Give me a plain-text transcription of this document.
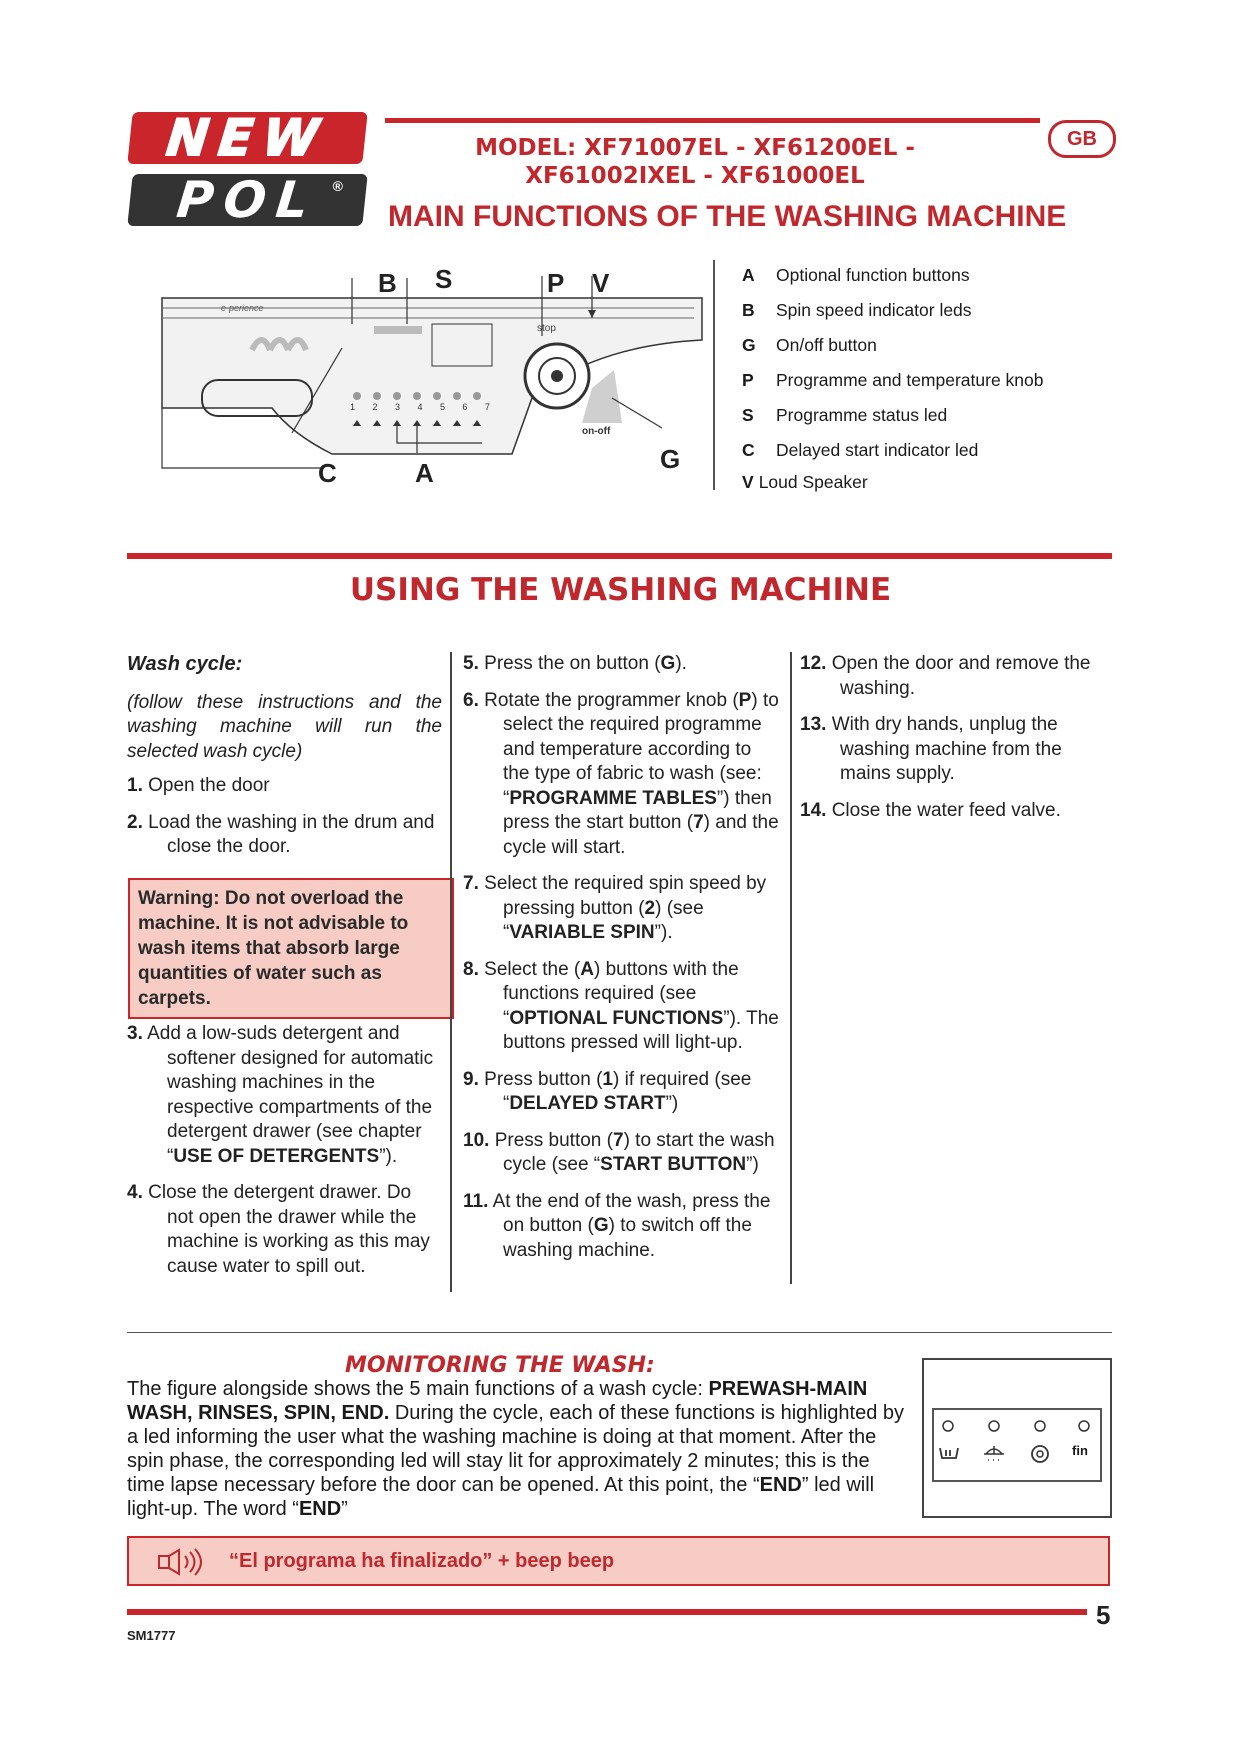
NEW
POL ®
GB
MODEL: XF71007EL - XF61200EL -
XF61002IXEL - XF61000EL
MAIN FUNCTIONS OF THE WASHING MACHINE
e-perience
stop
on-off
1 2 3 4 5 6 7
B S	P V
C	A	G
A	Optional function buttons
B	Spin speed indicator leds
G	On/off button
P	Programme and temperature knob
S	Programme status led
C	Delayed start indicator led
V Loud Speaker
USING THE WASHING MACHINE

Wash cycle:

(follow these instructions and the washing machine will run the selected wash cycle)

1. Open the door

2. Load the washing in the drum and close the door.

Warning: Do not overload the machine. It is not advisable to wash items that absorb large quantities of water such as carpets.

3. Add a low-suds detergent and softener designed for automatic washing machines in the respective compartments of the detergent drawer (see chapter “USE OF DETERGENTS”).

4. Close the detergent drawer. Do not open the drawer while the machine is working as this may cause water to spill out.

5. Press the on button (G).

6. Rotate the programmer knob (P) to select the required programme and temperature according to the type of fabric to wash (see: “PROGRAMME TABLES”) then press the start button (7) and the cycle will start.

7. Select the required spin speed by pressing button (2) (see “VARIABLE SPIN”).

8. Select the (A) buttons with the functions required (see “OPTIONAL FUNCTIONS”). The buttons pressed will light-up.

9. Press button (1) if required (see “DELAYED START”)

10. Press button (7) to start the wash cycle (see “START BUTTON”)

11. At the end of the wash, press the on button (G) to switch off the washing machine.

12. Open the door and remove the washing.

13. With dry hands, unplug the washing machine from the mains supply.

14. Close the water feed valve.

MONITORING THE WASH:
The figure alongside shows the 5 main functions of a wash cycle: PREWASH-MAIN WASH, RINSES, SPIN, END. During the cycle, each of these functions is highlighted by a led informing the user what the washing machine is doing at that moment. After the spin phase, the corresponding led will stay lit for approximately 2 minutes; this is the time lapse necessary before the door can be opened. At this point, the “END” led will light-up. The word “END”
fin
“El programa ha finalizado” + beep beep
5
SM1777
